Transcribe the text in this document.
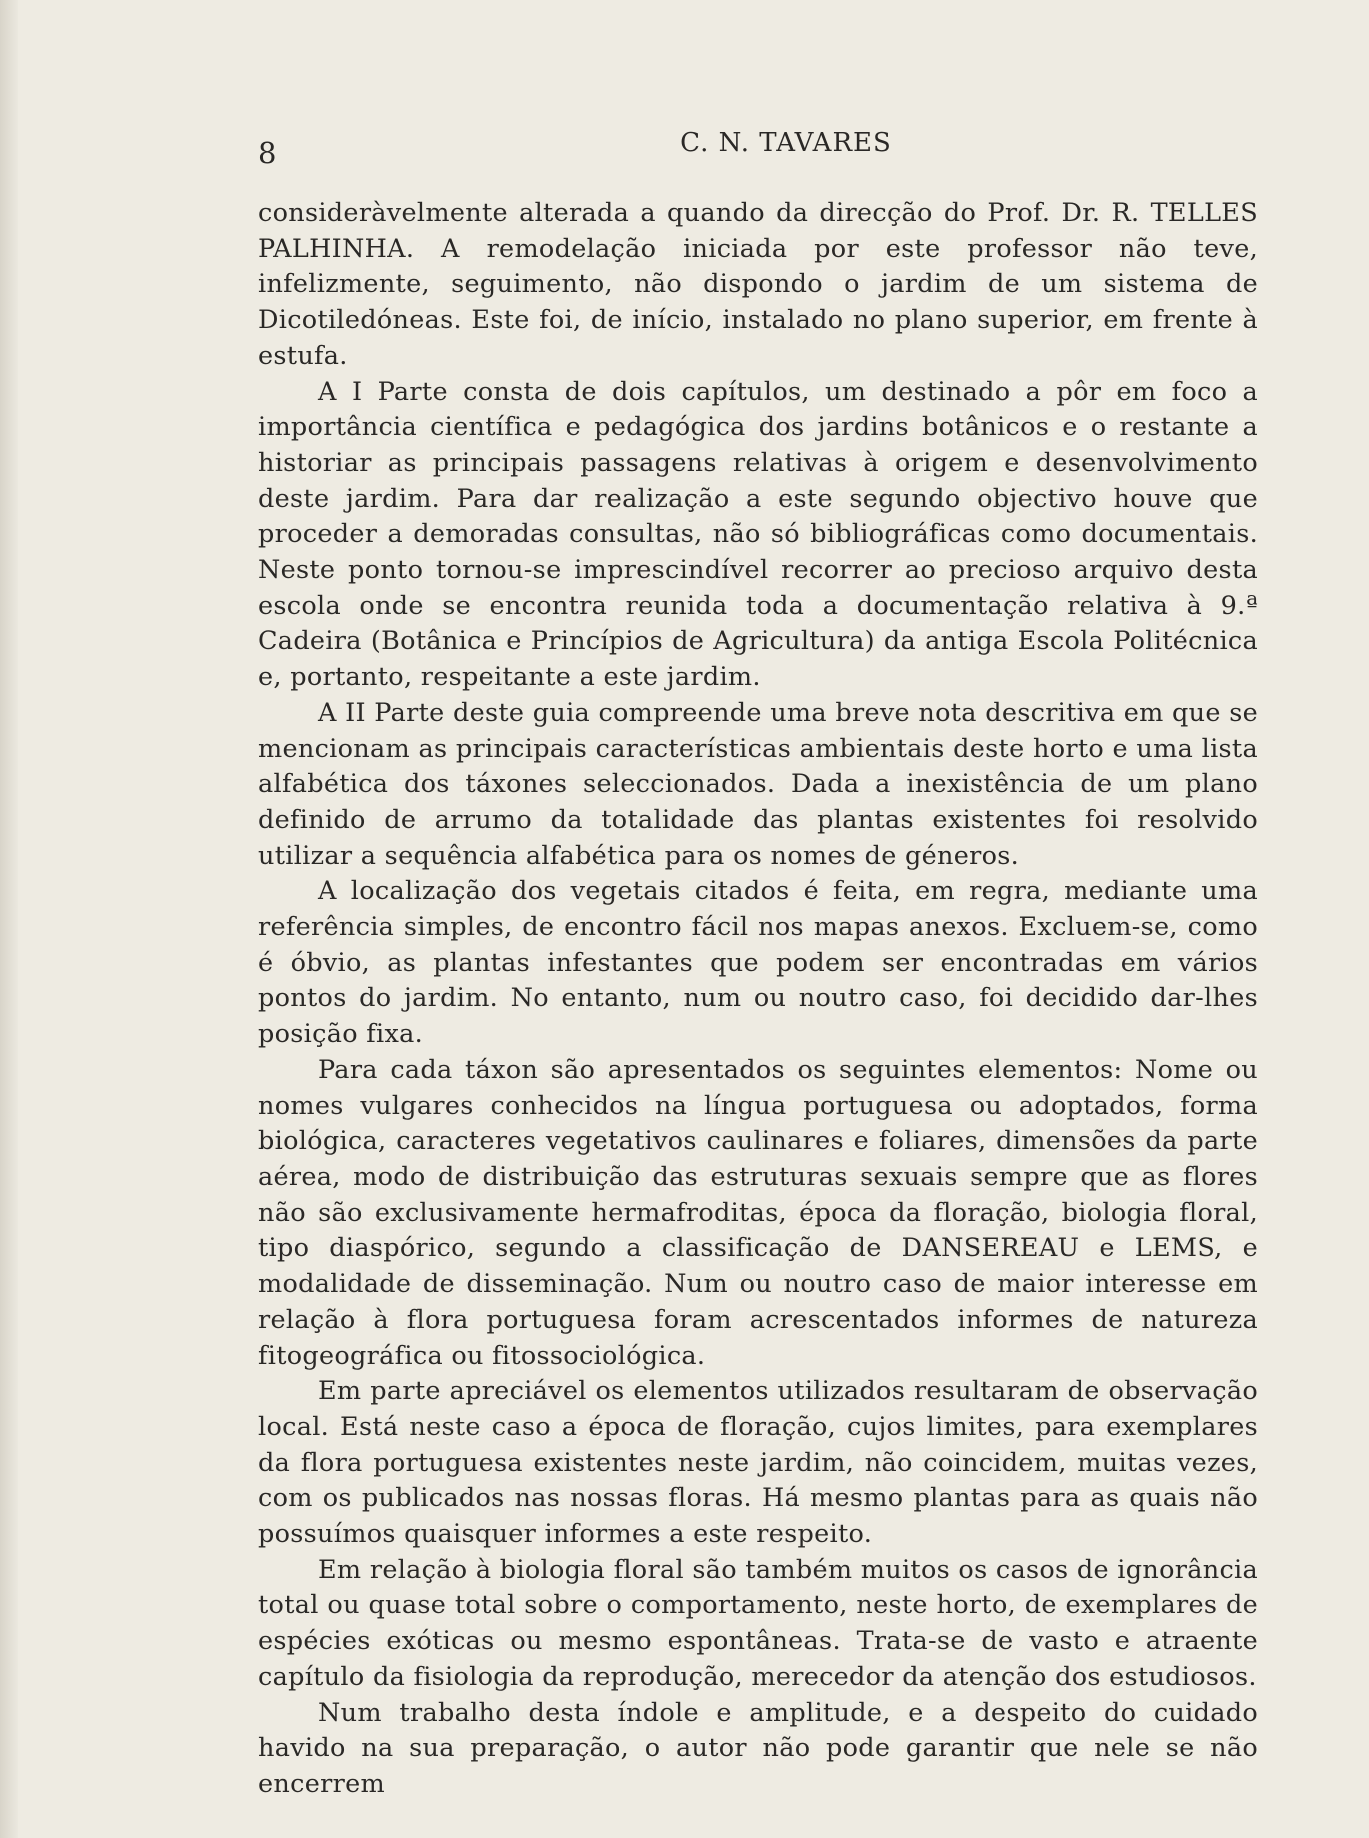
8	C. N. TAVARES

consideràvelmente alterada a quando da direcção do Prof. Dr. R. TELLES PALHINHA. A remodelação iniciada por este professor não teve, infelizmente, seguimento, não dispondo o jardim de um sistema de Dicotiledóneas. Este foi, de início, instalado no plano superior, em frente à estufa.

A I Parte consta de dois capítulos, um destinado a pôr em foco a importância científica e pedagógica dos jardins botânicos e o restante a historiar as principais passagens relativas à origem e desenvolvimento deste jardim. Para dar realização a este segundo objectivo houve que proceder a demoradas consultas, não só bibliográficas como documentais. Neste ponto tornou-se imprescindível recorrer ao precioso arquivo desta escola onde se encontra reunida toda a documentação relativa à 9.ª Cadeira (Botânica e Princípios de Agricultura) da antiga Escola Politécnica e, portanto, respeitante a este jardim.

A II Parte deste guia compreende uma breve nota descritiva em que se mencionam as principais características ambientais deste horto e uma lista alfabética dos táxones seleccionados. Dada a inexistência de um plano definido de arrumo da totalidade das plantas existentes foi resolvido utilizar a sequência alfabética para os nomes de géneros.

A localização dos vegetais citados é feita, em regra, mediante uma referência simples, de encontro fácil nos mapas anexos. Excluem-se, como é óbvio, as plantas infestantes que podem ser encontradas em vários pontos do jardim. No entanto, num ou noutro caso, foi decidido dar-lhes posição fixa.

Para cada táxon são apresentados os seguintes elementos: Nome ou nomes vulgares conhecidos na língua portuguesa ou adoptados, forma biológica, caracteres vegetativos caulinares e foliares, dimensões da parte aérea, modo de distribuição das estruturas sexuais sempre que as flores não são exclusivamente hermafroditas, época da floração, biologia floral, tipo diaspórico, segundo a classificação de DANSEREAU e LEMS, e modalidade de disseminação. Num ou noutro caso de maior interesse em relação à flora portuguesa foram acrescentados informes de natureza fitogeográfica ou fitossociológica.

Em parte apreciável os elementos utilizados resultaram de observação local. Está neste caso a época de floração, cujos limites, para exemplares da flora portuguesa existentes neste jardim, não coincidem, muitas vezes, com os publicados nas nossas floras. Há mesmo plantas para as quais não possuímos quaisquer informes a este respeito.

Em relação à biologia floral são também muitos os casos de ignorância total ou quase total sobre o comportamento, neste horto, de exemplares de espécies exóticas ou mesmo espontâneas. Trata-se de vasto e atraente capítulo da fisiologia da reprodução, merecedor da atenção dos estudiosos.

Num trabalho desta índole e amplitude, e a despeito do cuidado havido na sua preparação, o autor não pode garantir que nele se não encerrem
